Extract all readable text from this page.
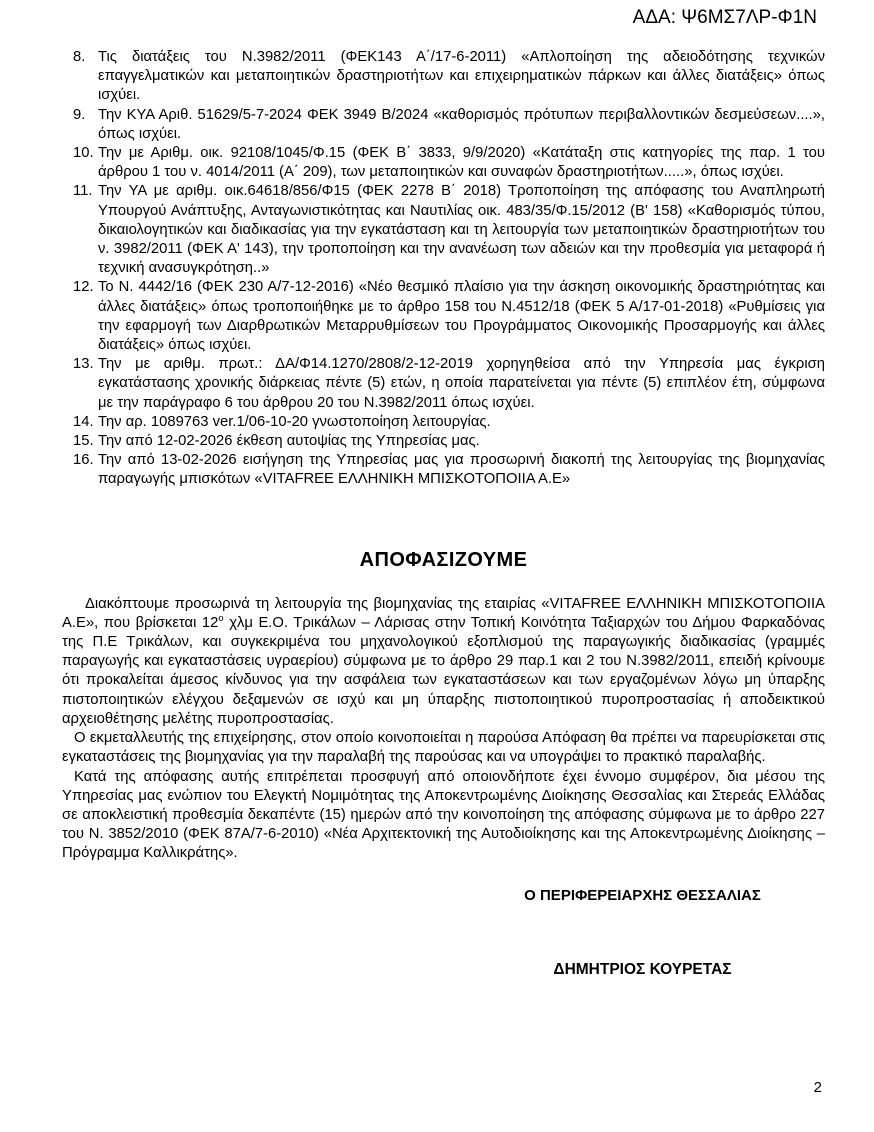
ΑΔΑ: Ψ6ΜΣ7ΛΡ-Φ1Ν
8. Τις διατάξεις του Ν.3982/2011 (ΦΕΚ143 Α΄/17-6-2011) «Απλοποίηση της αδειοδότησης τεχνικών επαγγελματικών και μεταποιητικών δραστηριοτήτων και επιχειρηματικών πάρκων και άλλες διατάξεις» όπως ισχύει.
9. Την ΚΥΑ Αριθ. 51629/5-7-2024 ΦΕΚ 3949 Β/2024 «καθορισμός πρότυπων περιβαλλοντικών δεσμεύσεων....», όπως ισχύει.
10. Την με Αριθμ. οικ. 92108/1045/Φ.15 (ΦΕΚ Β΄ 3833, 9/9/2020) «Κατάταξη στις κατηγορίες της παρ. 1 του άρθρου 1 του ν. 4014/2011 (Α΄ 209), των μεταποιητικών και συναφών δραστηριοτήτων.....», όπως ισχύει.
11. Την ΥΑ με αριθμ. οικ.64618/856/Φ15 (ΦΕΚ 2278 Β΄ 2018) Τροποποίηση της απόφασης του Αναπληρωτή Υπουργού Ανάπτυξης, Ανταγωνιστικότητας και Ναυτιλίας οικ. 483/35/Φ.15/2012 (Β' 158) «Καθορισμός τύπου, δικαιολογητικών και διαδικασίας για την εγκατάσταση και τη λειτουργία των μεταποιητικών δραστηριοτήτων του ν. 3982/2011 (ΦΕΚ Α' 143), την τροποποίηση και την ανανέωση των αδειών και την προθεσμία για μεταφορά ή τεχνική ανασυγκρότηση..»
12. Το Ν. 4442/16 (ΦΕΚ 230 Α/7-12-2016) «Νέο θεσμικό πλαίσιο για την άσκηση οικονομικής δραστηριότητας και άλλες διατάξεις» όπως τροποποιήθηκε με το άρθρο 158 του Ν.4512/18 (ΦΕΚ 5 Α/17-01-2018) «Ρυθμίσεις για την εφαρμογή των Διαρθρωτικών Μεταρρυθμίσεων του Προγράμματος Οικονομικής Προσαρμογής και άλλες διατάξεις» όπως ισχύει.
13. Την με αριθμ. πρωτ.: ΔΑ/Φ14.1270/2808/2-12-2019 χορηγηθείσα από την Υπηρεσία μας έγκριση εγκατάστασης χρονικής διάρκειας πέντε (5) ετών, η οποία παρατείνεται για πέντε (5) επιπλέον έτη, σύμφωνα με την παράγραφο 6 του άρθρου 20 του Ν.3982/2011 όπως ισχύει.
14. Την αρ. 1089763 ver.1/06-10-20 γνωστοποίηση λειτουργίας.
15. Την από 12-02-2026 έκθεση αυτοψίας της Υπηρεσίας μας.
16. Την από 13-02-2026 εισήγηση της Υπηρεσίας μας για προσωρινή διακοπή της λειτουργίας της βιομηχανίας παραγωγής μπισκότων «VITAFREE ΕΛΛΗΝΙΚΗ ΜΠΙΣΚΟΤΟΠΟΙΙΑ Α.Ε»
ΑΠΟΦΑΣΙΖΟΥΜΕ

Διακόπτουμε προσωρινά τη λειτουργία της βιομηχανίας της εταιρίας «VITAFREE ΕΛΛΗΝΙΚΗ ΜΠΙΣΚΟΤΟΠΟΙΙΑ Α.Ε», που βρίσκεται $12^o$ χλμ Ε.Ο. Τρικάλων – Λάρισας στην Τοπική Κοινότητα Ταξιαρχών του Δήμου Φαρκαδόνας της Π.Ε Τρικάλων, και συγκεκριμένα του μηχανολογικού εξοπλισμού της παραγωγικής διαδικασίας (γραμμές παραγωγής και εγκαταστάσεις υγραερίου) σύμφωνα με το άρθρο 29 παρ.1 και 2 του Ν.3982/2011, επειδή κρίνουμε ότι προκαλείται άμεσος κίνδυνος για την ασφάλεια των εγκαταστάσεων και των εργαζομένων λόγω μη ύπαρξης πιστοποιητικών ελέγχου δεξαμενών σε ισχύ και μη ύπαρξης πιστοποιητικού πυροπροστασίας ή αποδεικτικού αρχειοθέτησης μελέτης πυροπροστασίας.

Ο εκμεταλλευτής της επιχείρησης, στον οποίο κοινοποιείται η παρούσα Απόφαση θα πρέπει να παρευρίσκεται στις εγκαταστάσεις της βιομηχανίας για την παραλαβή της παρούσας και να υπογράψει το πρακτικό παραλαβής.

Κατά της απόφασης αυτής επιτρέπεται προσφυγή από οποιονδήποτε έχει έννομο συμφέρον, δια μέσου της Υπηρεσίας μας ενώπιον του Ελεγκτή Νομιμότητας της Αποκεντρωμένης Διοίκησης Θεσσαλίας και Στερεάς Ελλάδας σε αποκλειστική προθεσμία δεκαπέντε (15) ημερών από την κοινοποίηση της απόφασης σύμφωνα με το άρθρο 227 του Ν. 3852/2010 (ΦΕΚ 87Α/7-6-2010) «Νέα Αρχιτεκτονική της Αυτοδιοίκησης και της Αποκεντρωμένης Διοίκησης – Πρόγραμμα Καλλικράτης».

Ο ΠΕΡΙΦΕΡΕΙΑΡΧΗΣ ΘΕΣΣΑΛΙΑΣ
ΔΗΜΗΤΡΙΟΣ ΚΟΥΡΕΤΑΣ
2
